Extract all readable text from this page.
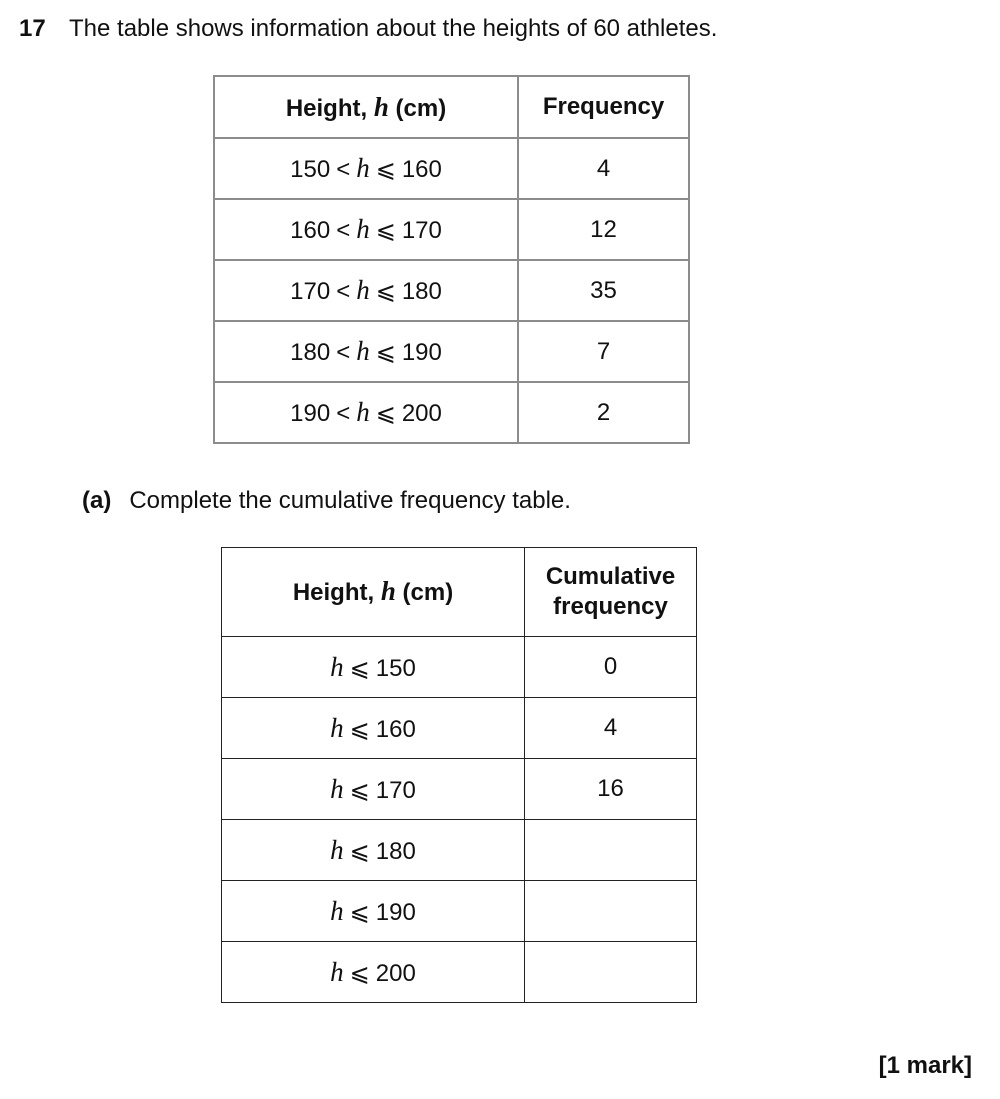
17 The table shows information about the heights of 60 athletes.
Height, h (cm)	Frequency
150 < h ⩽ 160	4
160 < h ⩽ 170	12
170 < h ⩽ 180	35
180 < h ⩽ 190	7
190 < h ⩽ 200	2
(a) Complete the cumulative frequency table.
Height, h (cm)	Cumulative
frequency
h ⩽ 150	0
h ⩽ 160	4
h ⩽ 170	16
h ⩽ 180	
h ⩽ 190	
h ⩽ 200	
[1 mark]
